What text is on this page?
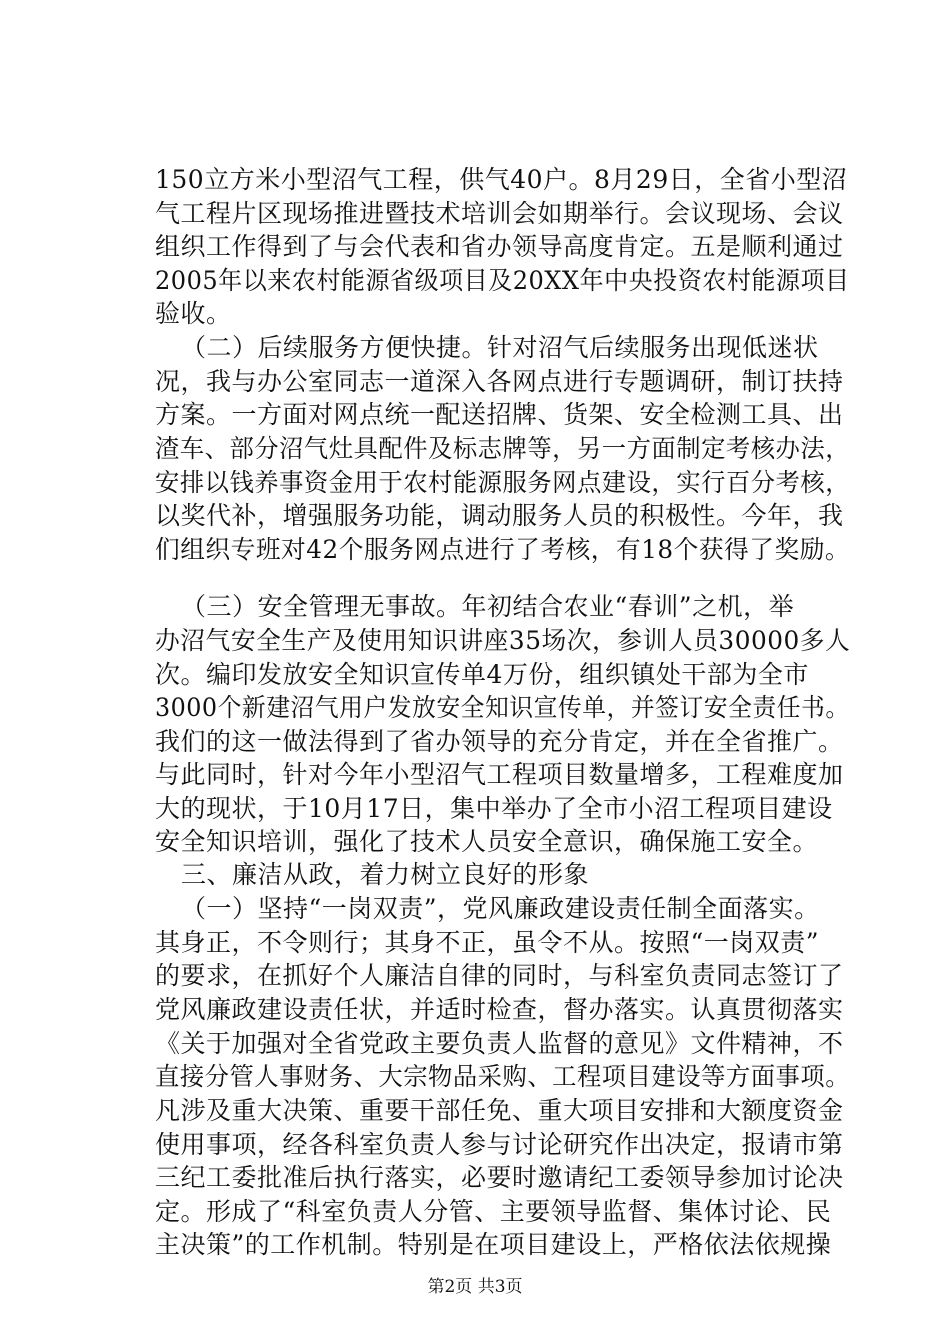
150立方米小型沼气工程，供气40户。8月29日，全省小型沼
气工程片区现场推进暨技术培训会如期举行。会议现场、会议
组织工作得到了与会代表和省办领导高度肯定。五是顺利通过
2005年以来农村能源省级项目及20XX年中央投资农村能源项目
验收。
（二）后续服务方便快捷。针对沼气后续服务出现低迷状
况，我与办公室同志一道深入各网点进行专题调研，制订扶持
方案。一方面对网点统一配送招牌、货架、安全检测工具、出
渣车、部分沼气灶具配件及标志牌等，另一方面制定考核办法，
安排以钱养事资金用于农村能源服务网点建设，实行百分考核，
以奖代补，增强服务功能，调动服务人员的积极性。今年，我
们组织专班对42个服务网点进行了考核，有18个获得了奖励。
（三）安全管理无事故。年初结合农业“春训”之机，举
办沼气安全生产及使用知识讲座35场次，参训人员30000多人
次。编印发放安全知识宣传单4万份，组织镇处干部为全市
3000个新建沼气用户发放安全知识宣传单，并签订安全责任书。
我们的这一做法得到了省办领导的充分肯定，并在全省推广。
与此同时，针对今年小型沼气工程项目数量增多，工程难度加
大的现状，于10月17日，集中举办了全市小沼工程项目建设
安全知识培训，强化了技术人员安全意识，确保施工安全。
三、廉洁从政，着力树立良好的形象
（一）坚持“一岗双责”，党风廉政建设责任制全面落实。
其身正，不令则行；其身不正，虽令不从。按照“一岗双责”
的要求，在抓好个人廉洁自律的同时，与科室负责同志签订了
党风廉政建设责任状，并适时检查，督办落实。认真贯彻落实
《关于加强对全省党政主要负责人监督的意见》文件精神，不
直接分管人事财务、大宗物品采购、工程项目建设等方面事项。
凡涉及重大决策、重要干部任免、重大项目安排和大额度资金
使用事项，经各科室负责人参与讨论研究作出决定，报请市第
三纪工委批准后执行落实，必要时邀请纪工委领导参加讨论决
定。形成了“科室负责人分管、主要领导监督、集体讨论、民
主决策”的工作机制。特别是在项目建设上，严格依法依规操
第2页 共3页
